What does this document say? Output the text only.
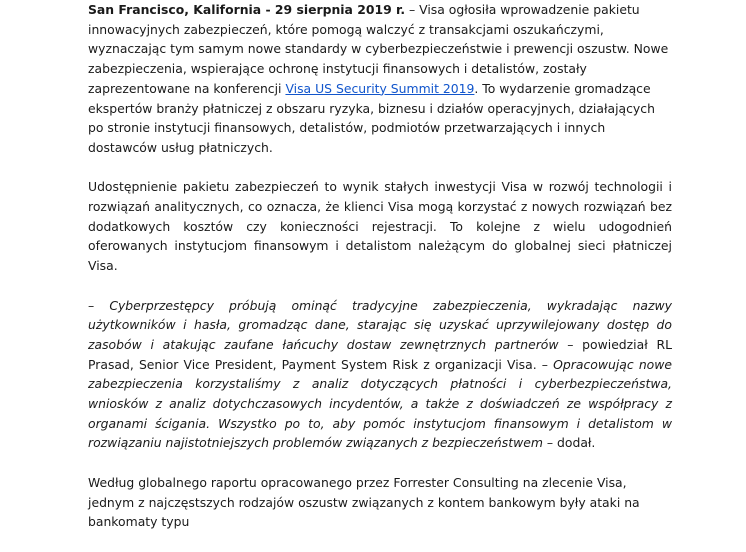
San Francisco, Kalifornia - 29 sierpnia 2019 r. – Visa ogłosiła wprowadzenie pakietu innowacyjnych zabezpieczeń, które pomogą walczyć z transakcjami oszukańczymi, wyznaczając tym samym nowe standardy w cyberbezpieczeństwie i prewencji oszustw. Nowe zabezpieczenia, wspierające ochronę instytucji finansowych i detalistów, zostały zaprezentowane na konferencji Visa US Security Summit 2019. To wydarzenie gromadzące ekspertów branży płatniczej z obszaru ryzyka, biznesu i działów operacyjnych, działających po stronie instytucji finansowych, detalistów, podmiotów przetwarzających i innych dostawców usług płatniczych.

Udostępnienie pakietu zabezpieczeń to wynik stałych inwestycji Visa w rozwój technologii i rozwiązań analitycznych, co oznacza, że klienci Visa mogą korzystać z nowych rozwiązań bez dodatkowych kosztów czy konieczności rejestracji. To kolejne z wielu udogodnień oferowanych instytucjom finansowym i detalistom należącym do globalnej sieci płatniczej Visa.

– Cyberprzestępcy próbują ominąć tradycyjne zabezpieczenia, wykradając nazwy użytkowników i hasła, gromadząc dane, starając się uzyskać uprzywilejowany dostęp do zasobów i atakując zaufane łańcuchy dostaw zewnętrznych partnerów – powiedział RL Prasad, Senior Vice President, Payment System Risk z organizacji Visa. – Opracowując nowe zabezpieczenia korzystaliśmy z analiz dotyczących płatności i cyberbezpieczeństwa, wniosków z analiz dotychczasowych incydentów, a także z doświadczeń ze współpracy z organami ścigania. Wszystko po to, aby pomóc instytucjom finansowym i detalistom w rozwiązaniu najistotniejszych problemów związanych z bezpieczeństwem – dodał.

Według globalnego raportu opracowanego przez Forrester Consulting na zlecenie Visa, jednym z najczęstszych rodzajów oszustw związanych z kontem bankowym były ataki na bankomaty typu
